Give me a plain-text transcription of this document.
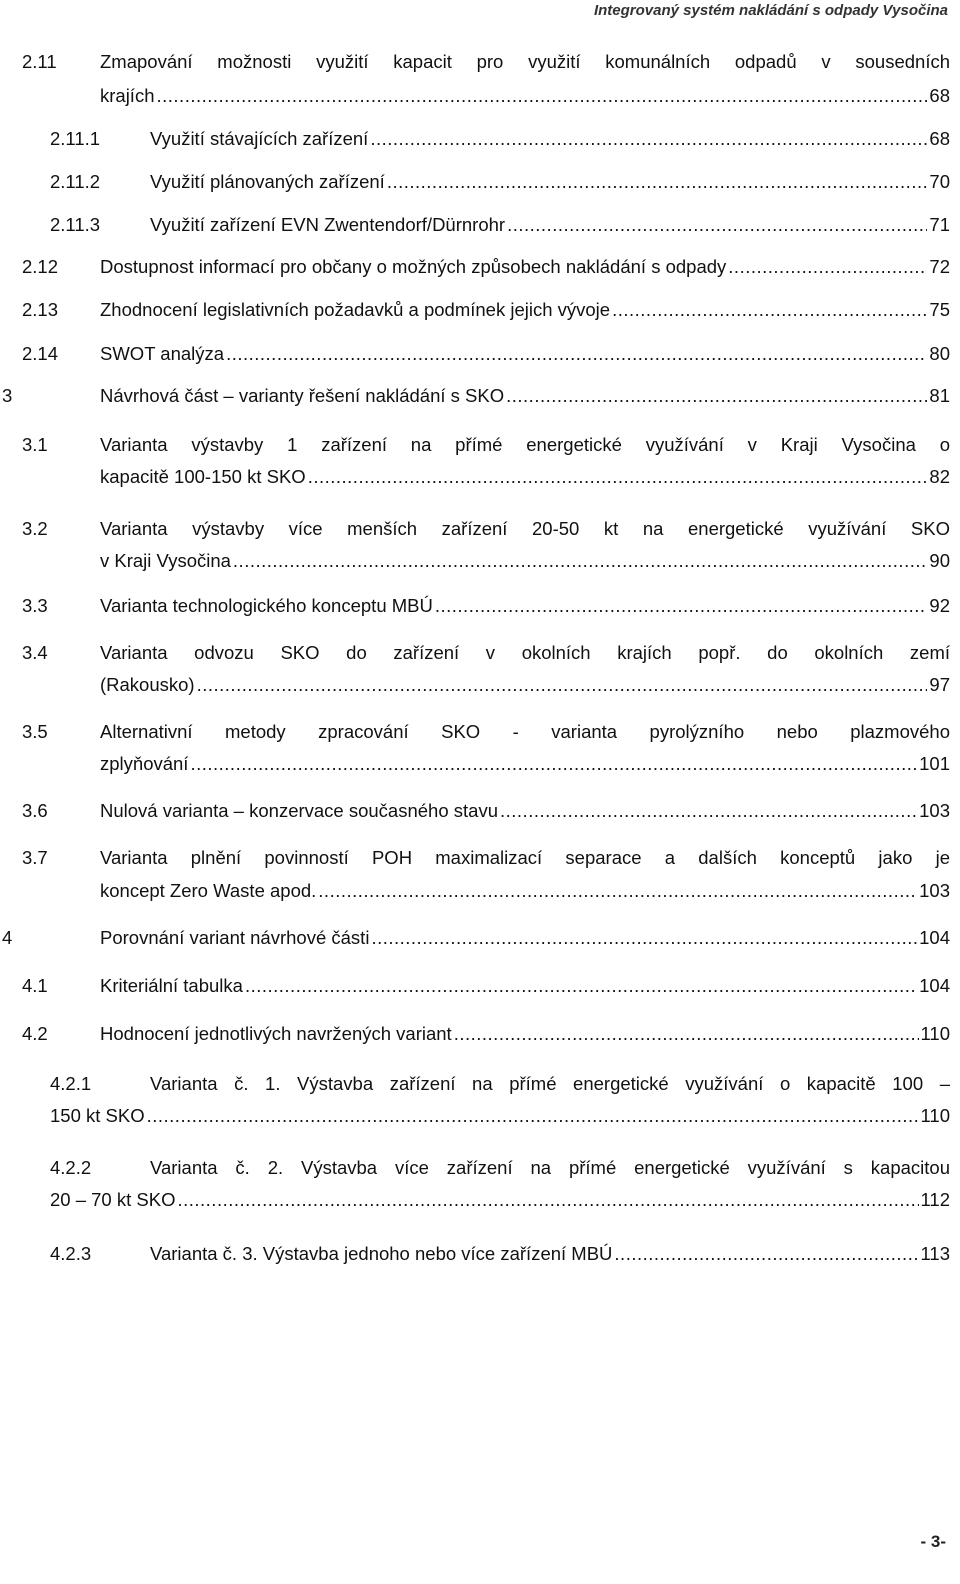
Integrovaný systém nakládání s odpady Vysočina
2.11 Zmapování možnosti využití kapacit pro využití komunálních odpadů v sousedních
krajích .....	68
2.11.1	Využití stávajících zařízení .....	68
2.11.2	Využití plánovaných zařízení .....	70
2.11.3	Využití zařízení EVN Zwentendorf/Dürnrohr .....	71
2.12 Dostupnost informací pro občany o možných způsobech nakládání s odpady .....	72
2.13 Zhodnocení legislativních požadavků a podmínek jejich vývoje .....	75
2.14 SWOT analýza .....	80
3	Návrhová část – varianty řešení nakládání s SKO .....	81
3.1	Varianta výstavby 1 zařízení na přímé energetické využívání v Kraji Vysočina o
kapacitě 100-150 kt SKO .....	82
3.2	Varianta výstavby více menších zařízení 20-50 kt na energetické využívání SKO
v Kraji Vysočina .....	90
3.3	Varianta technologického konceptu MBÚ .....	92
3.4	Varianta odvozu SKO do zařízení v okolních krajích popř. do okolních zemí
(Rakousko) .....	97
3.5	Alternativní metody zpracování SKO - varianta pyrolýzního nebo plazmového
zplyňování .....	101
3.6	Nulová varianta – konzervace současného stavu .....	103
3.7	Varianta plnění povinností POH maximalizací separace a dalších konceptů jako je
koncept Zero Waste apod. .....	103
4	Porovnání variant návrhové části .....	104
4.1	Kriteriální tabulka .....	104
4.2	Hodnocení jednotlivých navržených variant .....	110
4.2.1	Varianta č. 1. Výstavba zařízení na přímé energetické využívání o kapacitě 100 –
150 kt SKO .....	110
4.2.2	Varianta č. 2. Výstavba více zařízení na přímé energetické využívání s kapacitou
20 – 70 kt SKO .....	112
4.2.3	Varianta č. 3. Výstavba jednoho nebo více zařízení MBÚ .....	113
- 3-
